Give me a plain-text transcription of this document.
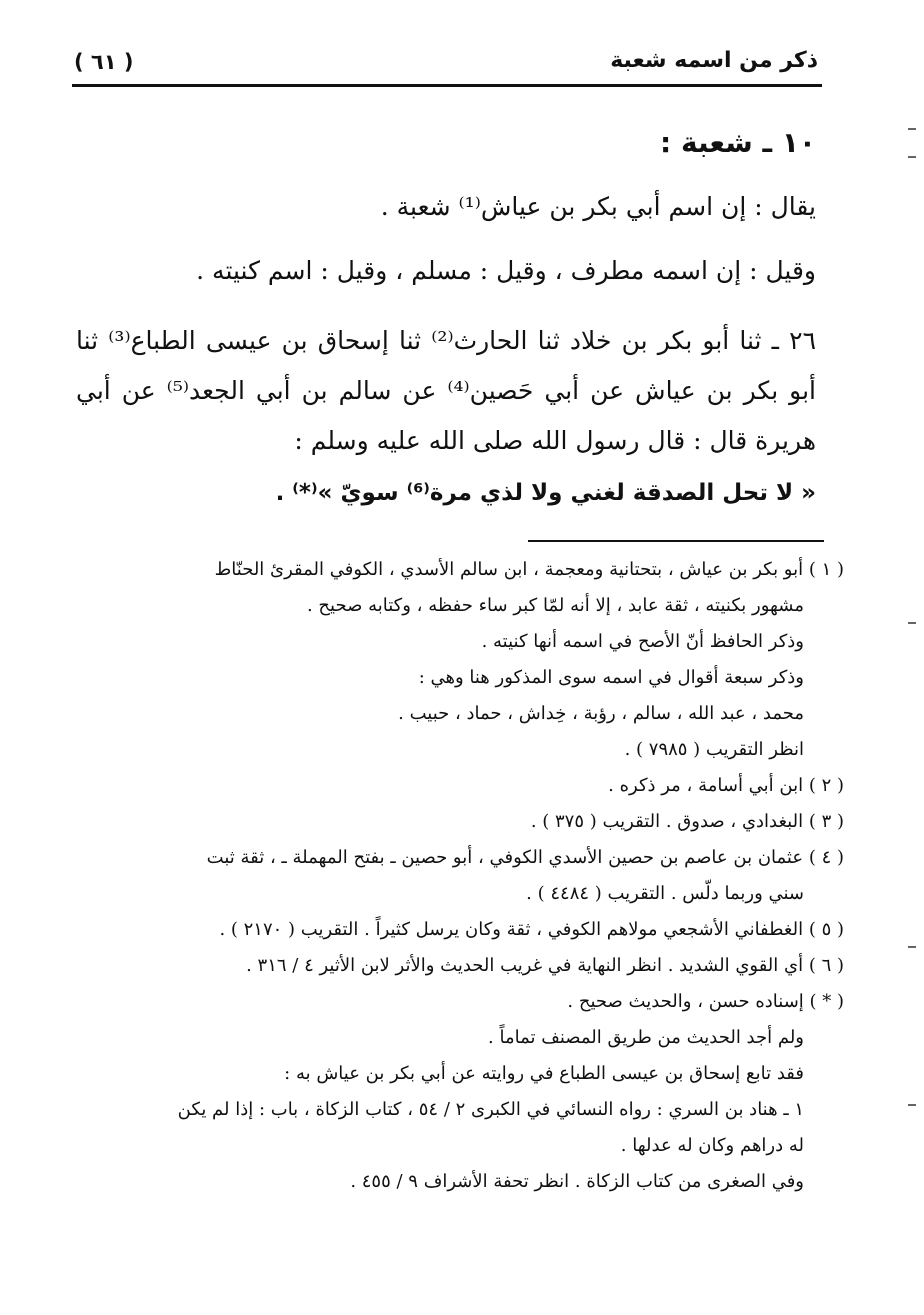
ذكر من اسمه شعبة
( ٦١ )
١٠ ـ شعبة :
يقال : إن اسم أبي بكر بن عياش⁽¹⁾ شعبة .
وقيل : إن اسمه مطرف ، وقيل : مسلم ، وقيل : اسم كنيته .
٢٦ ـ ثنا أبو بكر بن خلاد ثنا الحارث⁽²⁾ ثنا إسحاق بن عيسى الطباع⁽³⁾ ثنا أبو بكر بن عياش عن أبي حَصين⁽⁴⁾ عن سالم بن أبي الجعد⁽⁵⁾ عن أبي هريرة قال : قال رسول الله صلى الله عليه وسلم :
« لا تحل الصدقة لغني ولا لذي مرة⁽⁶⁾ سويّ »⁽*⁾ .
( ١ ) أبو بكر بن عياش ، بتحتانية ومعجمة ، ابن سالم الأسدي ، الكوفي المقرئ الحنّاط
مشهور بكنيته ، ثقة عابد ، إلا أنه لمّا كبر ساء حفظه ، وكتابه صحيح .
وذكر الحافظ أنّ الأصح في اسمه أنها كنيته .
وذكر سبعة أقوال في اسمه سوى المذكور هنا وهي :
محمد ، عبد الله ، سالم ، رؤبة ، خِداش ، حماد ، حبيب .
انظر التقريب ( ٧٩٨٥ ) .
( ٢ ) ابن أبي أسامة ، مر ذكره .
( ٣ ) البغدادي ، صدوق . التقريب ( ٣٧٥ ) .
( ٤ ) عثمان بن عاصم بن حصين الأسدي الكوفي ، أبو حصين ـ بفتح المهملة ـ ، ثقة ثبت
سني وربما دلّس . التقريب ( ٤٤٨٤ ) .
( ٥ ) الغطفاني الأشجعي مولاهم الكوفي ، ثقة وكان يرسل كثيراً . التقريب ( ٢١٧٠ ) .
( ٦ ) أي القوي الشديد . انظر النهاية في غريب الحديث والأثر لابن الأثير ٤ / ٣١٦ .
( * ) إسناده حسن ، والحديث صحيح .
ولم أجد الحديث من طريق المصنف تماماً .
فقد تابع إسحاق بن عيسى الطباع في روايته عن أبي بكر بن عياش به :
١ ـ هناد بن السري : رواه النسائي في الكبرى ٢ / ٥٤ ، كتاب الزكاة ، باب : إذا لم يكن
له دراهم وكان له عدلها .
وفي الصغرى من كتاب الزكاة . انظر تحفة الأشراف ٩ / ٤٥٥ .
